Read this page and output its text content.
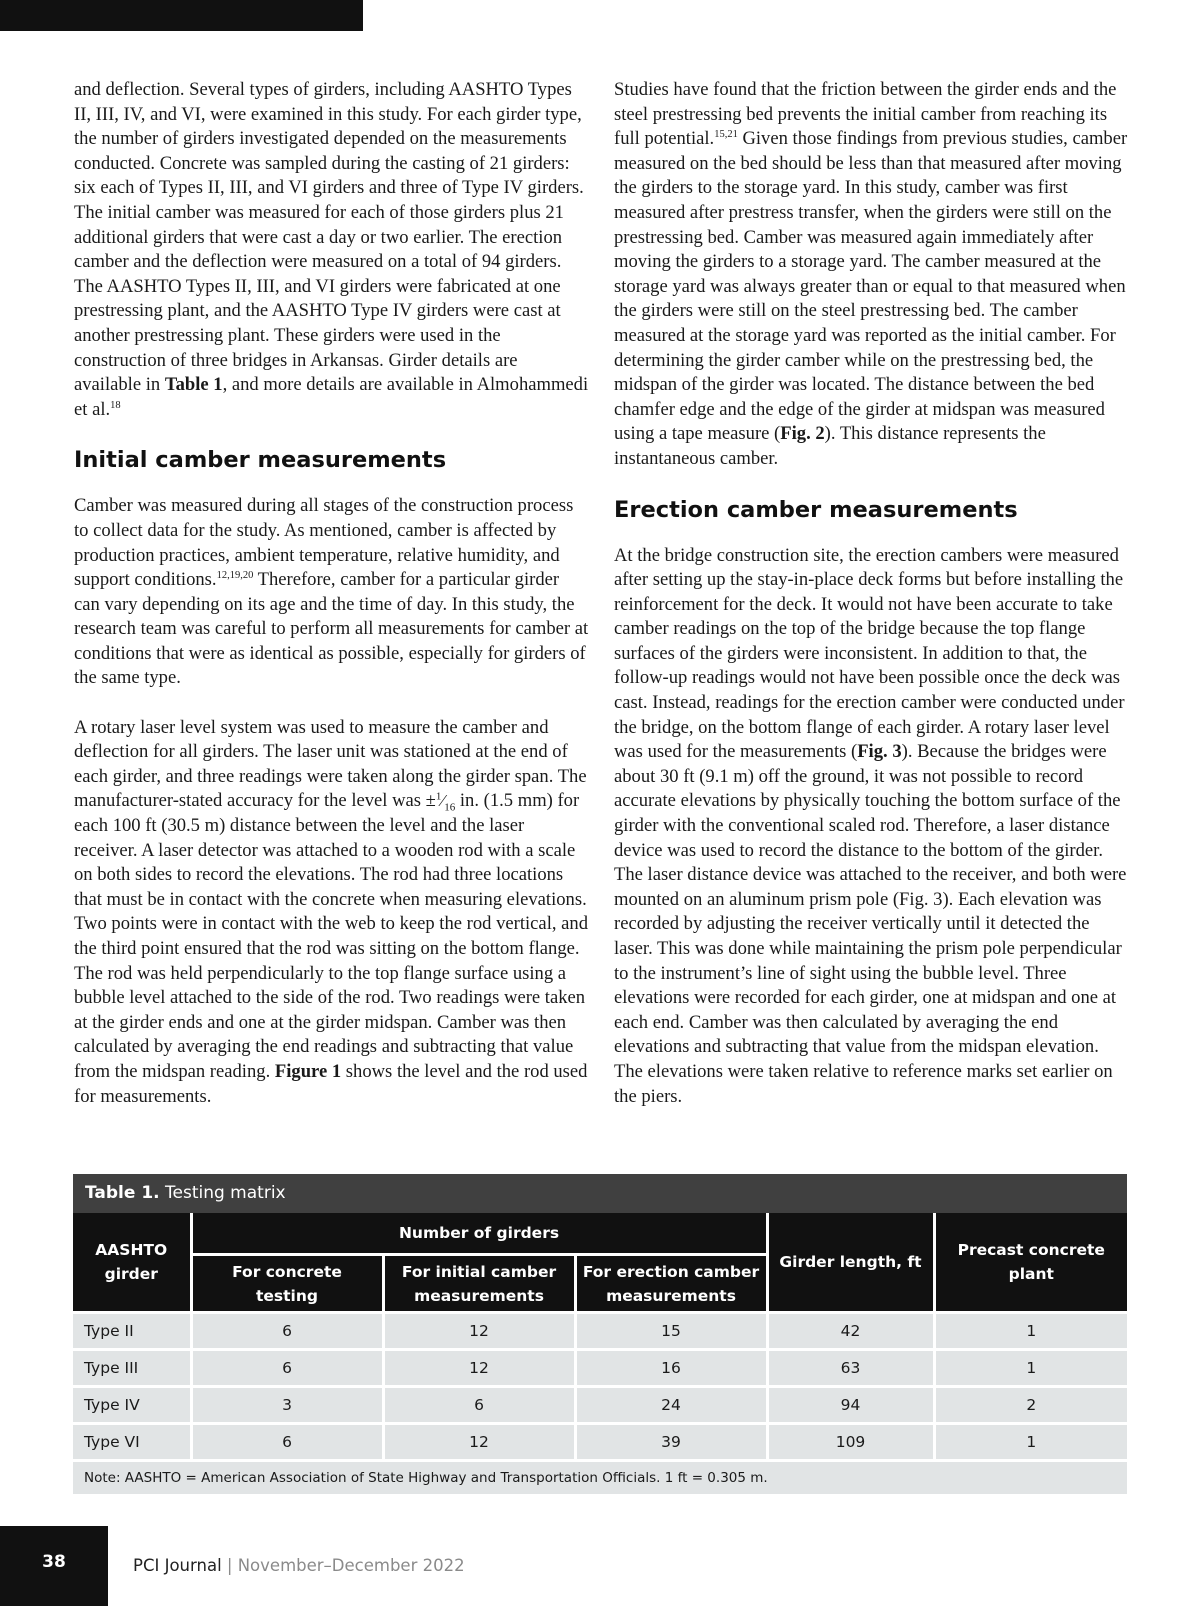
and deflection. Several types of girders, including AASHTO Types II, III, IV, and VI, were examined in this study. For each girder type, the number of girders investigated depended on the measurements conducted. Concrete was sampled during the casting of 21 girders: six each of Types II, III, and VI girders and three of Type IV girders. The initial camber was measured for each of those girders plus 21 additional girders that were cast a day or two earlier. The erection camber and the deflection were measured on a total of 94 girders. The AASHTO Types II, III, and VI girders were fabricated at one prestressing plant, and the AASHTO Type IV girders were cast at another prestressing plant. These girders were used in the construction of three bridges in Arkansas. Girder details are available in Table 1, and more details are available in Almohammedi et al.$^{18}$

Initial camber measurements

Camber was measured during all stages of the construction process to collect data for the study. As mentioned, camber is affected by production practices, ambient temperature, relative humidity, and support conditions.$^{12,19,20}$ Therefore, camber for a particular girder can vary depending on its age and the time of day. In this study, the research team was careful to perform all measurements for camber at conditions that were as identical as possible, especially for girders of the same type.

A rotary laser level system was used to measure the camber and deflection for all girders. The laser unit was stationed at the end of each girder, and three readings were taken along the girder span. The manufacturer-stated accuracy for the level was $\pm^1⁄_{16}$ in. (1.5 mm) for each 100 ft (30.5 m) distance between the level and the laser receiver. A laser detector was attached to a wooden rod with a scale on both sides to record the elevations. The rod had three locations that must be in contact with the concrete when measuring elevations. Two points were in contact with the web to keep the rod vertical, and the third point ensured that the rod was sitting on the bottom flange. The rod was held perpendicularly to the top flange surface using a bubble level attached to the side of the rod. Two readings were taken at the girder ends and one at the girder midspan. Camber was then calculated by averaging the end readings and subtracting that value from the midspan reading. Figure 1 shows the level and the rod used for measurements.

Studies have found that the friction between the girder ends and the steel prestressing bed prevents the initial camber from reaching its full potential.$^{15,21}$ Given those findings from previous studies, camber measured on the bed should be less than that measured after moving the girders to the storage yard. In this study, camber was first measured after prestress transfer, when the girders were still on the prestressing bed. Camber was measured again immediately after moving the girders to a storage yard. The camber measured at the storage yard was always greater than or equal to that measured when the girders were still on the steel prestressing bed. The camber measured at the storage yard was reported as the initial camber. For determining the girder camber while on the prestressing bed, the midspan of the girder was located. The distance between the bed chamfer edge and the edge of the girder at midspan was measured using a tape measure (Fig. 2). This distance represents the instantaneous camber.

Erection camber measurements

At the bridge construction site, the erection cambers were measured after setting up the stay-in-place deck forms but before installing the reinforcement for the deck. It would not have been accurate to take camber readings on the top of the bridge because the top flange surfaces of the girders were inconsistent. In addition to that, the follow-up readings would not have been possible once the deck was cast. Instead, readings for the erection camber were conducted under the bridge, on the bottom flange of each girder. A rotary laser level was used for the measurements (Fig. 3). Because the bridges were about 30 ft (9.1 m) off the ground, it was not possible to record accurate elevations by physically touching the bottom surface of the girder with the conventional scaled rod. Therefore, a laser distance device was used to record the distance to the bottom of the girder. The laser distance device was attached to the receiver, and both were mounted on an aluminum prism pole (Fig. 3). Each elevation was recorded by adjusting the receiver vertically until it detected the laser. This was done while maintaining the prism pole perpendicular to the instrument’s line of sight using the bubble level. Three elevations were recorded for each girder, one at midspan and one at each end. Camber was then calculated by averaging the end elevations and subtracting that value from the midspan elevation. The elevations were taken relative to reference marks set earlier on the piers.

Table 1. Testing matrix
AASHTO girder	Number of girders			Girder length, ft	Precast concrete plant
	For concrete testing	For initial camber measurements	For erection camber measurements		
Type II	6	12	15	42	1
Type III	6	12	16	63	1
Type IV	3	6	24	94	2
Type VI	6	12	39	109	1
Note: AASHTO = American Association of State Highway and Transportation Officials. 1 ft = 0.305 m.					
38	PCI Journal | November–December 2022
